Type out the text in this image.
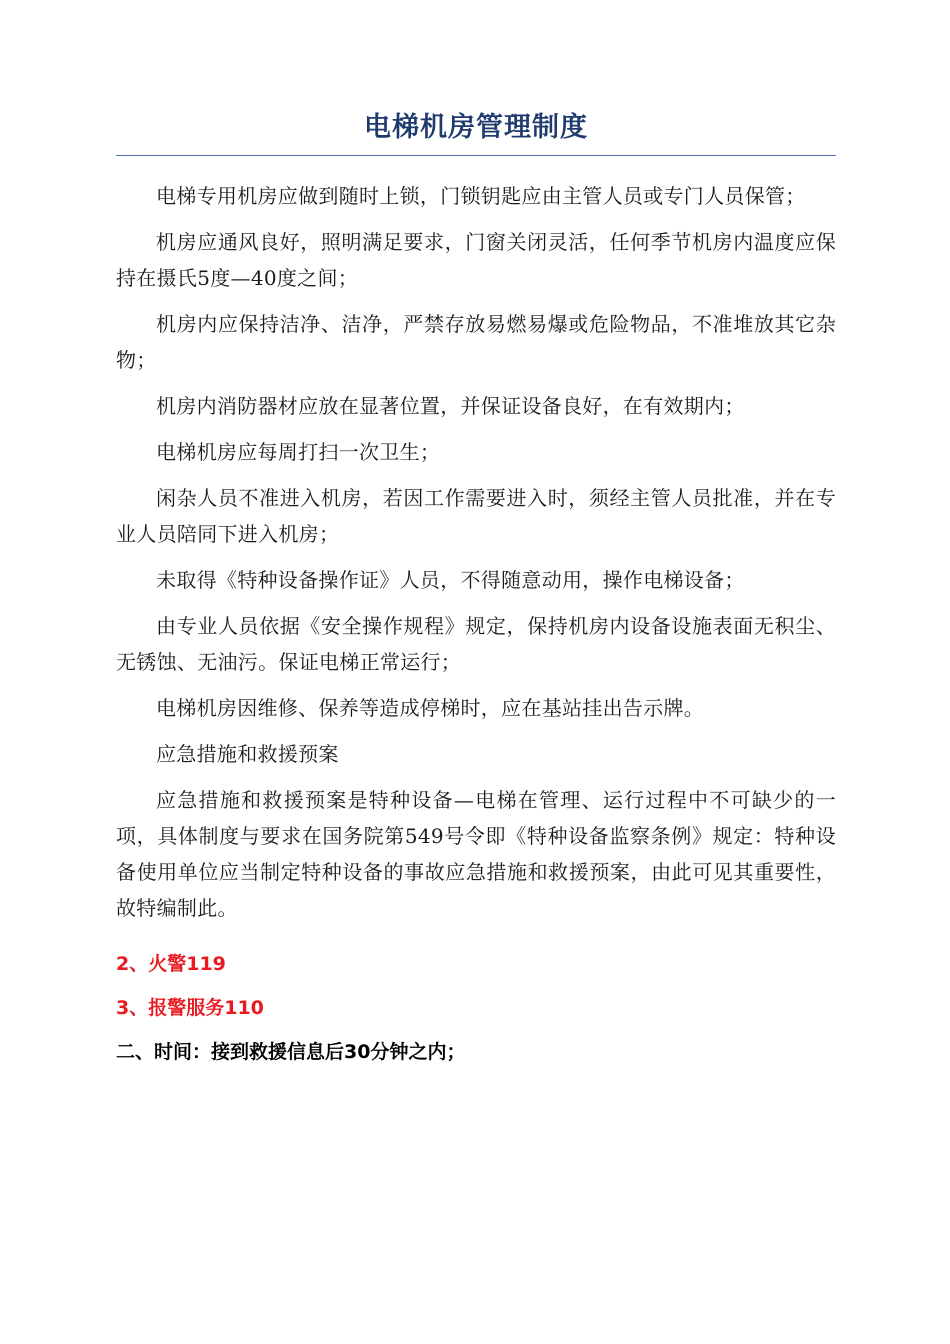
电梯机房管理制度

电梯专用机房应做到随时上锁，门锁钥匙应由主管人员或专门人员保管；

机房应通风良好，照明满足要求，门窗关闭灵活，任何季节机房内温度应保持在摄氏5度—40度之间；

机房内应保持洁净、洁净，严禁存放易燃易爆或危险物品，不准堆放其它杂物；

机房内消防器材应放在显著位置，并保证设备良好，在有效期内；

电梯机房应每周打扫一次卫生；

闲杂人员不准进入机房，若因工作需要进入时，须经主管人员批准，并在专业人员陪同下进入机房；

未取得《特种设备操作证》人员，不得随意动用，操作电梯设备；

由专业人员依据《安全操作规程》规定，保持机房内设备设施表面无积尘、无锈蚀、无油污。保证电梯正常运行；

电梯机房因维修、保养等造成停梯时，应在基站挂出告示牌。

应急措施和救援预案

应急措施和救援预案是特种设备—电梯在管理、运行过程中不可缺少的一项，具体制度与要求在国务院第549号令即《特种设备监察条例》规定：特种设备使用单位应当制定特种设备的事故应急措施和救援预案，由此可见其重要性，故特编制此。

2、火警119

3、报警服务110

二、时间：接到救援信息后30分钟之内；
